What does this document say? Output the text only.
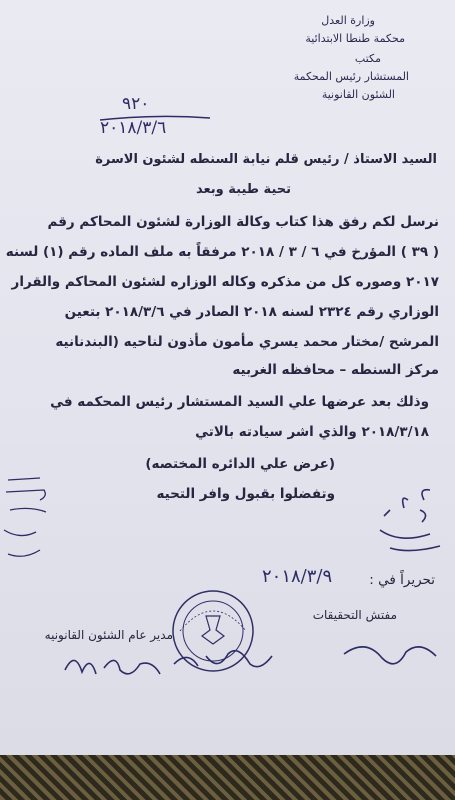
وزارة العدل
محكمة طنطا الابتدائية
مكتب
المستشار رئيس المحكمة
الشئون القانونية
٩٢٠
٢٠١٨/٣/٦
السيد الاستاذ / رئيس قلم نيابة السنطه لشئون الاسرة
تحية طيبة وبعد
نرسل لكم رفق هذا كتاب وكالة الوزارة لشئون المحاكم رقم
( ٣٩ ) المؤرخ في ٦ / ٣ / ٢٠١٨ مرفقاً به ملف الماده رقم (١) لسنه
٢٠١٧ وصوره كل من مذكره وكاله الوزاره لشئون المحاكم والقرار
الوزاري رقم ٢٣٢٤ لسنه ٢٠١٨ الصادر في ٢٠١٨/٣/٦ بتعين
المرشح /مختار محمد يسري مأمون مأذون لناحيه (البندنانيه
مركز السنطه – محافظه الغربيه
وذلك بعد عرضها علي السيد المستشار رئيس المحكمه في
٢٠١٨/٣/١٨ والذي اشر سيادته بالاتي
(عرض علي الدائره المختصه)
وتفضلوا بقبول وافر التحيه
تحريراً في :
٢٠١٨/٣/٩
مدير عام الشئون القانونيه
مفتش التحقيقات
